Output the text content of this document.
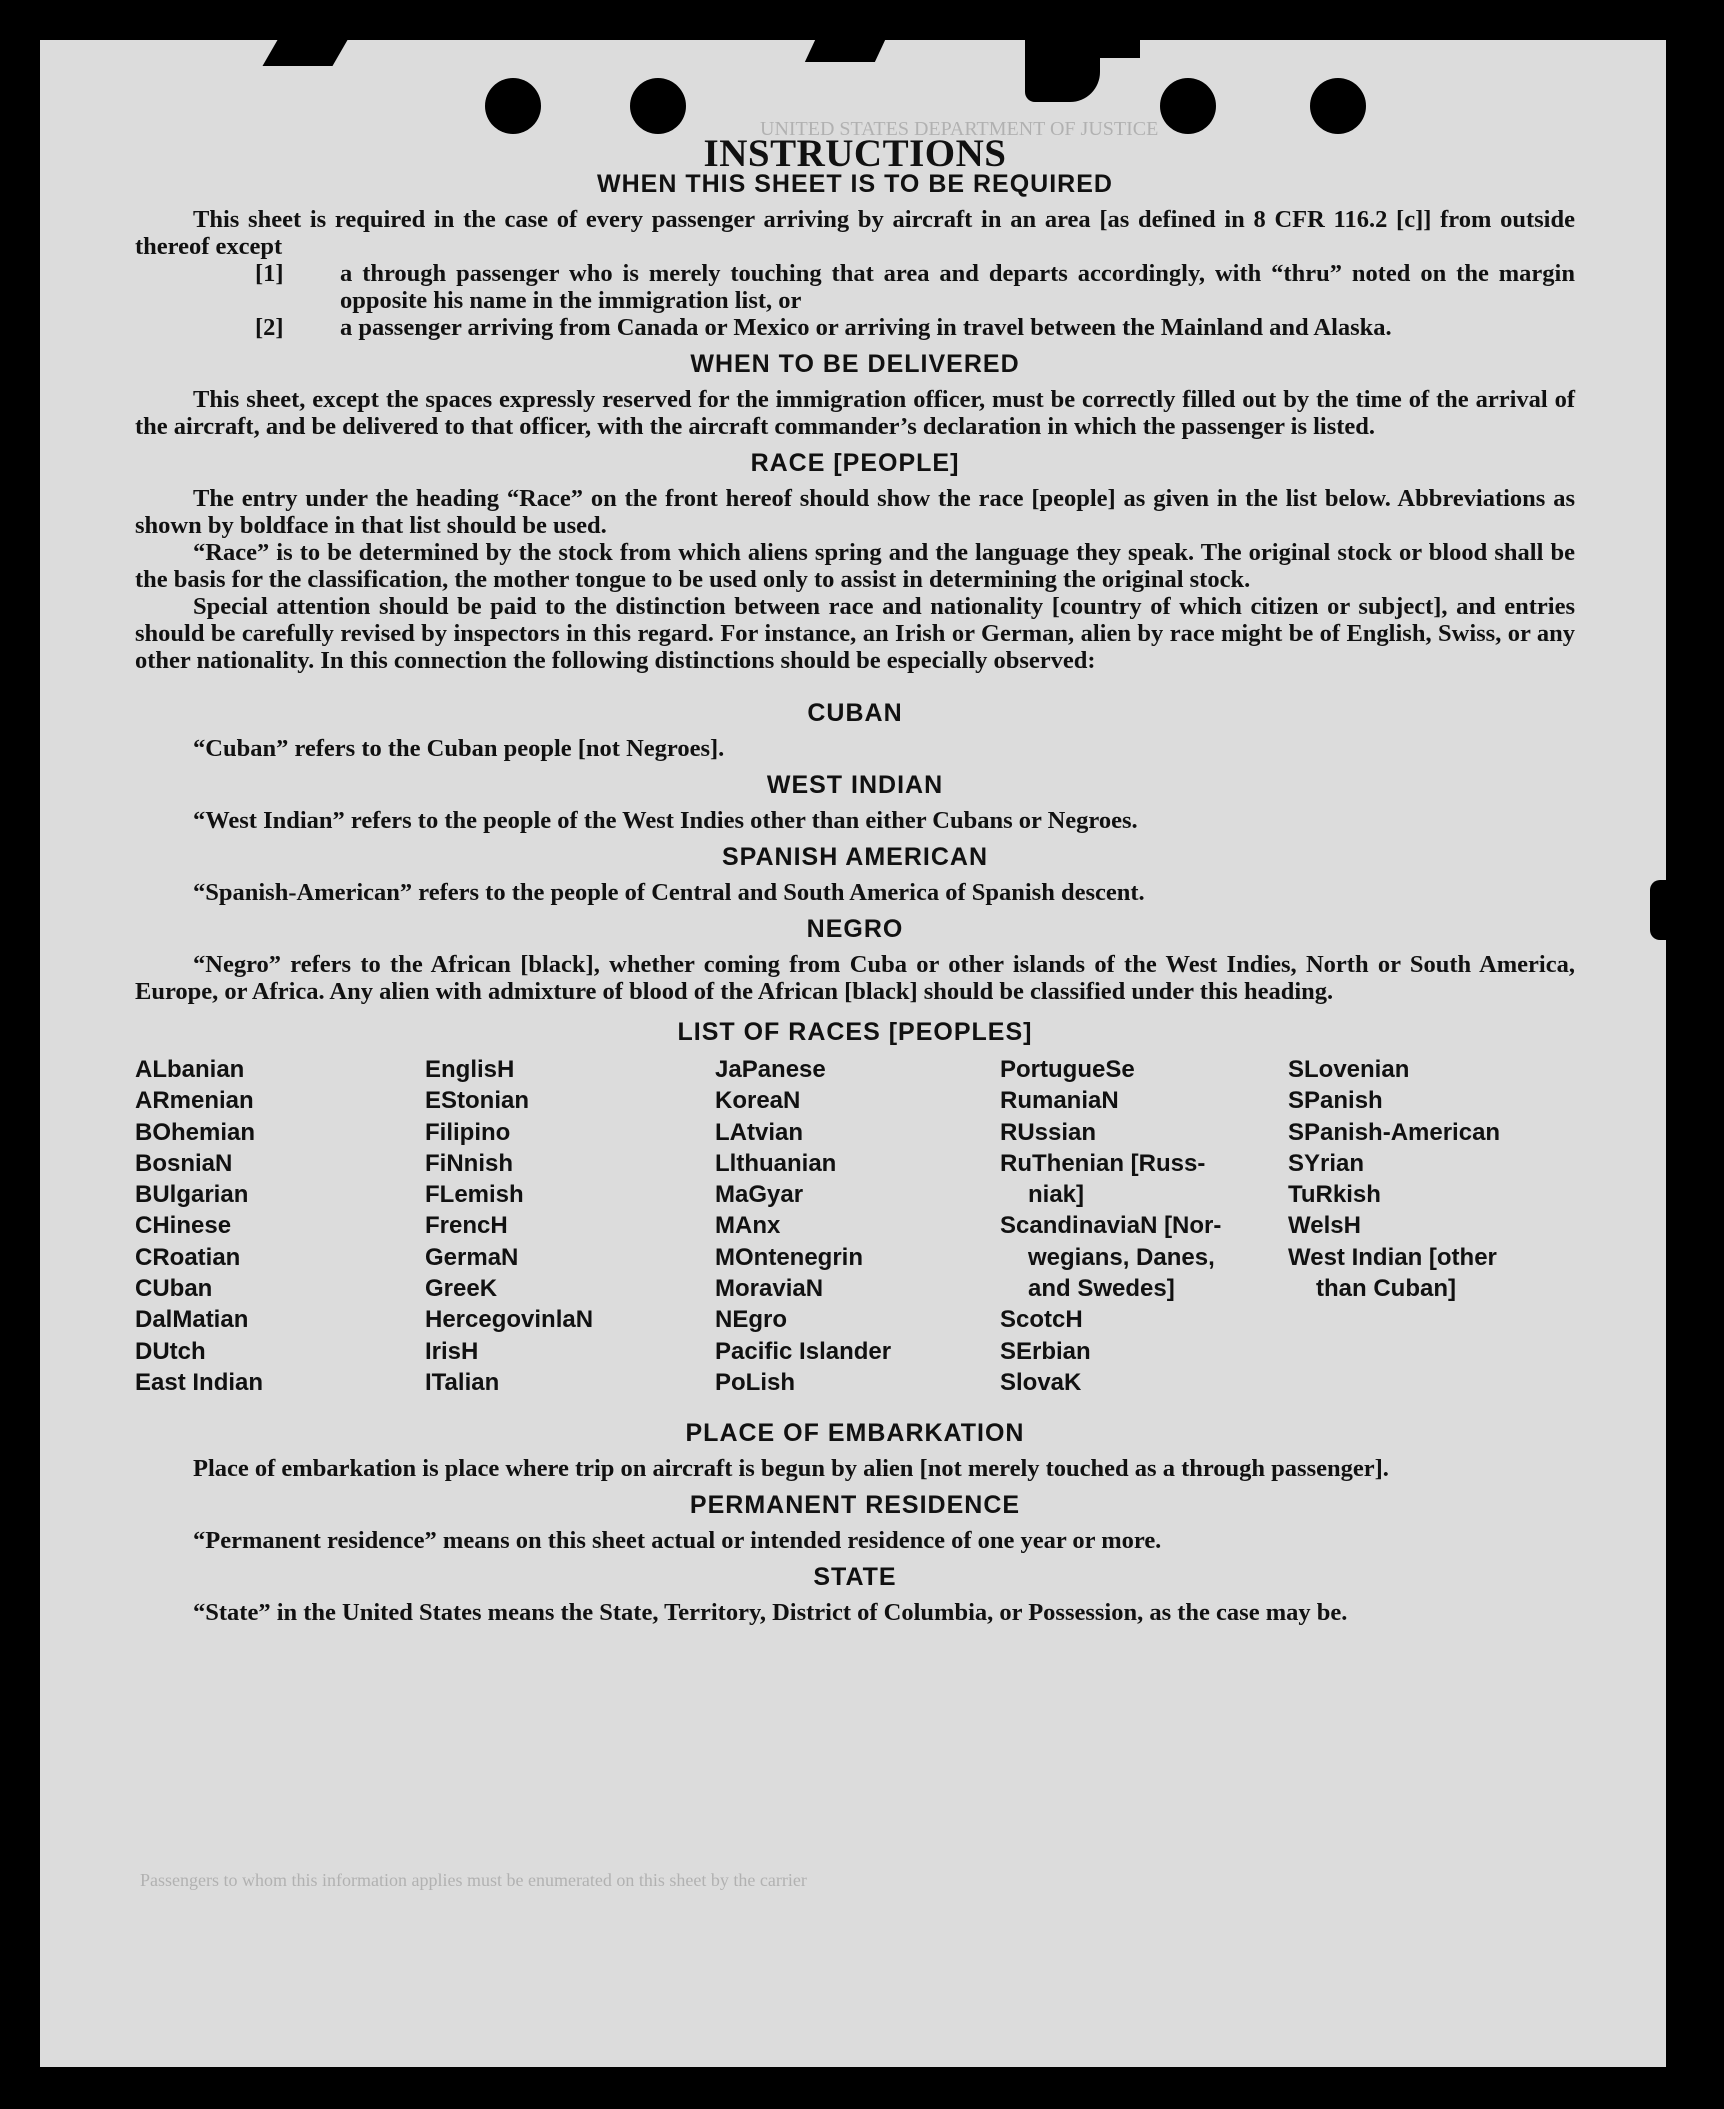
UNITED STATES DEPARTMENT OF JUSTICE
Passengers to whom this information applies must be enumerated on this sheet by the carrier
INSTRUCTIONS
WHEN THIS SHEET IS TO BE REQUIRED

This sheet is required in the case of every passenger arriving by aircraft in an area [as defined in 8 CFR 116.2 [c]] from outside thereof except

[1] a through passenger who is merely touching that area and departs accordingly, with “thru” noted on the margin opposite his name in the immigration list, or
[2] a passenger arriving from Canada or Mexico or arriving in travel between the Mainland and Alaska.
WHEN TO BE DELIVERED

This sheet, except the spaces expressly reserved for the immigration officer, must be correctly filled out by the time of the arrival of the aircraft, and be delivered to that officer, with the aircraft commander’s declaration in which the passenger is listed.

RACE [PEOPLE]

The entry under the heading “Race” on the front hereof should show the race [people] as given in the list below. Abbreviations as shown by boldface in that list should be used.

“Race” is to be determined by the stock from which aliens spring and the language they speak. The original stock or blood shall be the basis for the classification, the mother tongue to be used only to assist in determining the original stock.

Special attention should be paid to the distinction between race and nationality [country of which citizen or subject], and entries should be carefully revised by inspectors in this regard. For instance, an Irish or German, alien by race might be of English, Swiss, or any other nationality. In this connection the following distinctions should be especially observed:

CUBAN

“Cuban” refers to the Cuban people [not Negroes].

WEST INDIAN

“West Indian” refers to the people of the West Indies other than either Cubans or Negroes.

SPANISH AMERICAN

“Spanish-American” refers to the people of Central and South America of Spanish descent.

NEGRO

“Negro” refers to the African [black], whether coming from Cuba or other islands of the West Indies, North or South America, Europe, or Africa. Any alien with admixture of blood of the African [black] should be classified under this heading.

LIST OF RACES [PEOPLES]
ALbanian
ARmenian
BOhemian
BosniaN
BUlgarian
CHinese
CRoatian
CUban
DalMatian
DUtch
East Indian
EnglisH
EStonian
Filipino
FiNnish
FLemish
FrencH
GermaN
GreeK
HercegovinlaN
IrisH
ITalian
JaPanese
KoreaN
LAtvian
Llthuanian
MaGyar
MAnx
MOntenegrin
MoraviaN
NEgro
Pacific Islander
PoLish
PortugueSe
RumaniaN
RUssian
RuThenian [Russ-
niak]
ScandinaviaN [Nor-
wegians, Danes,
and Swedes]
ScotcH
SErbian
SlovaK
SLovenian
SPanish
SPanish-American
SYrian
TuRkish
WelsH
West Indian [other
than Cuban]
PLACE OF EMBARKATION

Place of embarkation is place where trip on aircraft is begun by alien [not merely touched as a through passenger].

PERMANENT RESIDENCE

“Permanent residence” means on this sheet actual or intended residence of one year or more.

STATE

“State” in the United States means the State, Territory, District of Columbia, or Possession, as the case may be.
